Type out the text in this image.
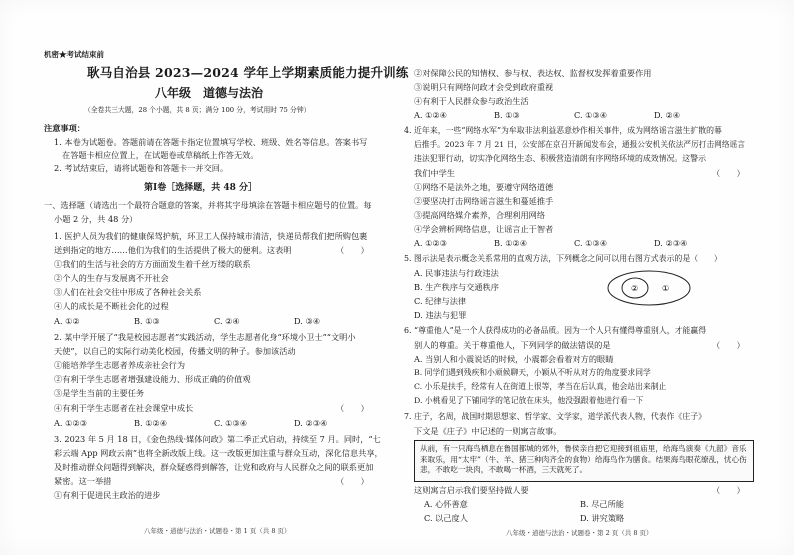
机密★考试结束前
耿马自治县 2023—2024 学年上学期素质能力提升训练
八年级　道德与法治
（全卷共三大题，28 个小题，共 8 页；满分 100 分，考试用时 75 分钟）
注意事项：
1. 本卷为试题卷。答题前请在答题卡指定位置填写学校、班级、姓名等信息。答案书写
在答题卡相应位置上，在试题卷或草稿纸上作答无效。
2. 考试结束后，请将试题卷和答题卡一并交回。
第Ⅰ卷［选择题，共 48 分］
一、选择题（请选出一个最符合题意的答案，并将其字母填涂在答题卡相应题号的位置。每
小题 2 分，共 48 分）
1. 医护人员为我们的健康保驾护航，环卫工人保持城市清洁，快递员帮我们把所购包裹
送到指定的地方……他们为我们的生活提供了极大的便利。这表明	（　　）
①我们的生活与社会的方方面面发生着千丝万缕的联系
②个人的生存与发展离不开社会
③人们在社会交往中形成了各种社会关系
④人的成长是不断社会化的过程
A. ①②	B. ①③	C. ②④	D. ③④
2. 某中学开展了“我是校园志愿者”实践活动，学生志愿者化身“环境小卫士”“文明小
天使”，以自己的实际行动美化校园，传播文明的种子。参加该活动
①能培养学生志愿者养成亲社会行为
②有利于学生志愿者增强建设能力、形成正确的价值观
③是学生当前的主要任务
④有利于学生志愿者在社会课堂中成长	（　　）
A. ①②③	B. ①②④	C. ①③④	D. ②③④
3. 2023 年 5 月 18 日，《金色热线·媒体问政》第二季正式启动，持续至 7 月。同时，“七
彩云端 App 网政云南”也将全新改版上线。这一改版更加注重与群众互动，深化信息共享，
及时推动群众问题得到解决，群众疑惑得到解答，让党和政府与人民群众之间的联系更加
紧密。这一举措	（　　）
①有利于促进民主政治的进步
八年级・道德与法治・试题卷・第 1 页（共 8 页）
②对保障公民的知情权、参与权、表达权、监督权发挥着重要作用
③说明只有网络问政才会受到政府重视
④有利于人民群众参与政治生活
A. ①②④	B. ①③	C. ①③④	D. ②④
4. 近年来，一些“网络水军”为牟取非法利益恶意炒作相关事件，成为网络谣言滋生扩散的幕
后推手。2023 年 7 月 21 日，公安部在京召开新闻发布会，通报公安机关依法严厉打击网络谣言
违法犯罪行动，切实净化网络生态、积极营造清朗有序网络环境的成效情况。这警示
我们中学生	（　　）
①网络不是法外之地，要遵守网络道德
②要坚决打击网络谣言滋生和蔓延推手
③提高网络媒介素养，合理利用网络
④学会辨析网络信息，让谣言止于智者
A. ①②③	B. ①②④	C. ①③④	D. ②③④
5. 图示法是表示概念关系常用的直观方法，下列概念之间可以用右图方式表示的是（　　）
A. 民事违法与行政违法
B. 生产秩序与交通秩序
C. 纪律与法律
D. 违法与犯罪
②	①
6. “尊重他人”是一个人获得成功的必备品质。因为一个人只有懂得尊重别人，才能赢得
别人的尊重。关于尊重他人，下列同学的做法错误的是	（　　）
A. 当别人和小震说话的时候，小震都会看着对方的眼睛
B. 同学们遇到残疾和小顽候聊天，小颖从不听从对方的角度要求同学
C. 小乐是扶手，经常有人在街道上很等，孝当在后认真，他会站出来制止
D. 小桃看见了下铺同学的笔记放在床头，他没强跟着他进行看一下
7. 庄子，名周，战国时期思想家、哲学家、文学家，道学派代表人物，代表作《庄子》
下文是《庄子》中记述的一则寓言故事。
从前，有一只海鸟栖息在鲁国都城的郊外，鲁侯亲自把它迎接到祖庙里，给海鸟演奏《九韶》音乐来取乐，用“太牢”（牛、羊、猪三种肉齐全的食物）给海鸟作为膳食。结果海鸟眼花缭乱，忧心伤悲，不敢吃一块肉，不敢喝一杯酒，三天就死了。
这则寓言启示我们要坚持做人要	（　　）
A. 心怀善意	B. 尽己所能
C. 以己度人	D. 讲究策略
八年级・道德与法治・试题卷・第 2 页（共 8 页）
